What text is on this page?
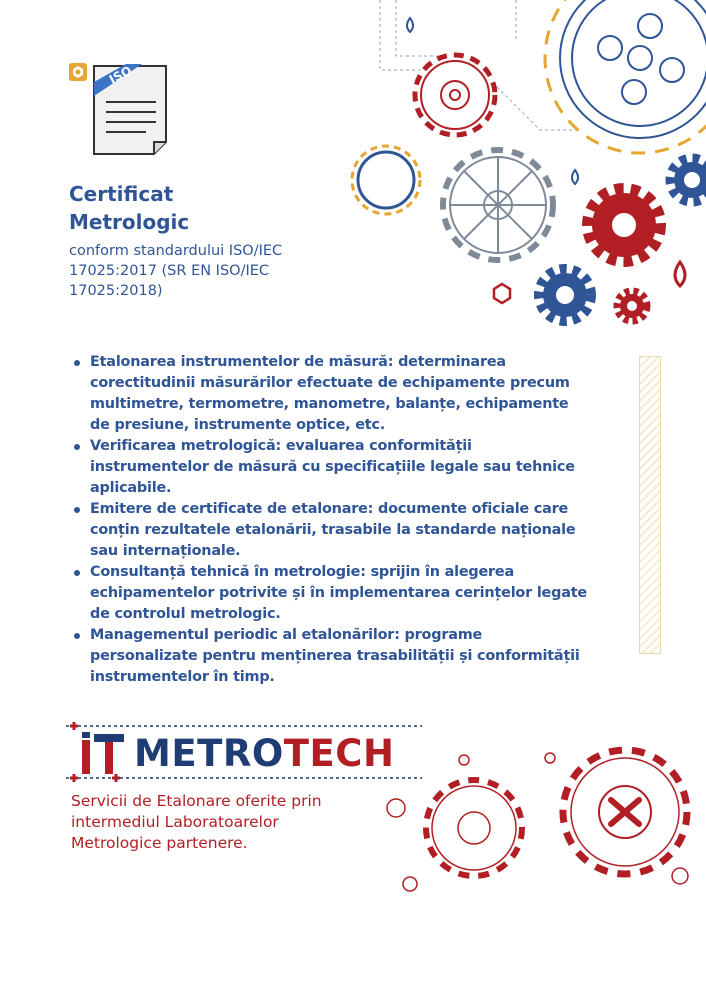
ISO
Certificat
Metrologic

conform standardului ISO/IEC 17025:2017 (SR EN ISO/IEC 17025:2018)

Etalonarea instrumentelor de măsură: determinarea corectitudinii măsurărilor efectuate de echipamente precum multimetre, termometre, manometre, balanțe, echipamente de presiune, instrumente optice, etc.
Verificarea metrologică: evaluarea conformității instrumentelor de măsură cu specificațiile legale sau tehnice aplicabile.
Emitere de certificate de etalonare: documente oficiale care conțin rezultatele etalonării, trasabile la standarde naționale sau internaționale.
Consultanță tehnică în metrologie: sprijin în alegerea echipamentelor potrivite și în implementarea cerințelor legate de controlul metrologic.
Managementul periodic al etalonărilor: programe personalizate pentru menținerea trasabilității și conformității instrumentelor în timp.

METROTECH

Servicii de Etalonare oferite prin intermediul Laboratoarelor Metrologice partenere.
